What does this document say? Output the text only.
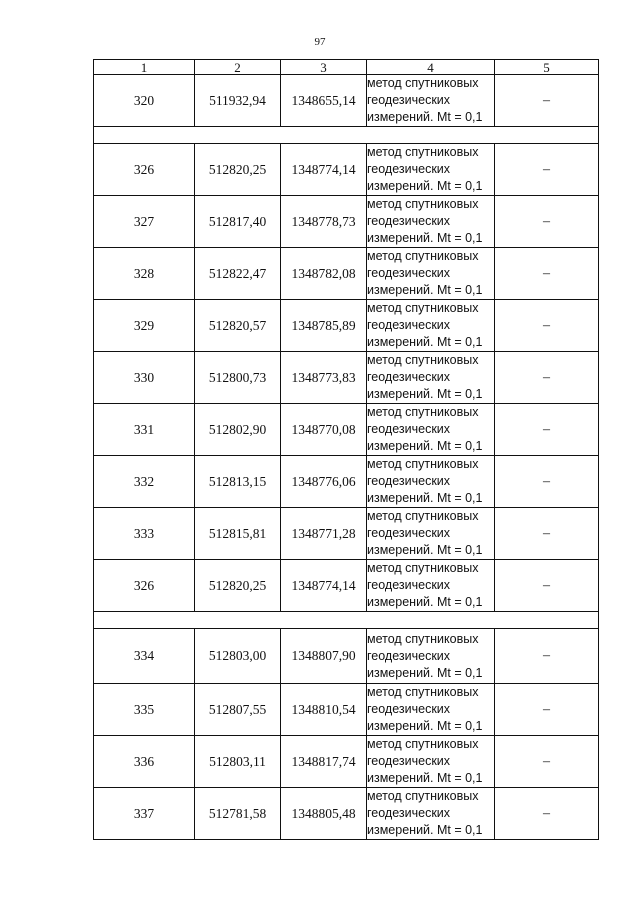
97
1	2	3	4	5
320	511932,94	1348655,14	метод спутниковых
геодезических
измерений. Mt = 0,1	–

326	512820,25	1348774,14	метод спутниковых
геодезических
измерений. Mt = 0,1	–
327	512817,40	1348778,73	метод спутниковых
геодезических
измерений. Mt = 0,1	–
328	512822,47	1348782,08	метод спутниковых
геодезических
измерений. Mt = 0,1	–
329	512820,57	1348785,89	метод спутниковых
геодезических
измерений. Mt = 0,1	–
330	512800,73	1348773,83	метод спутниковых
геодезических
измерений. Mt = 0,1	–
331	512802,90	1348770,08	метод спутниковых
геодезических
измерений. Mt = 0,1	–
332	512813,15	1348776,06	метод спутниковых
геодезических
измерений. Mt = 0,1	–
333	512815,81	1348771,28	метод спутниковых
геодезических
измерений. Mt = 0,1	–
326	512820,25	1348774,14	метод спутниковых
геодезических
измерений. Mt = 0,1	–

334	512803,00	1348807,90	метод спутниковых
геодезических
измерений. Mt = 0,1	–
335	512807,55	1348810,54	метод спутниковых
геодезических
измерений. Mt = 0,1	–
336	512803,11	1348817,74	метод спутниковых
геодезических
измерений. Mt = 0,1	–
337	512781,58	1348805,48	метод спутниковых
геодезических
измерений. Mt = 0,1	–
